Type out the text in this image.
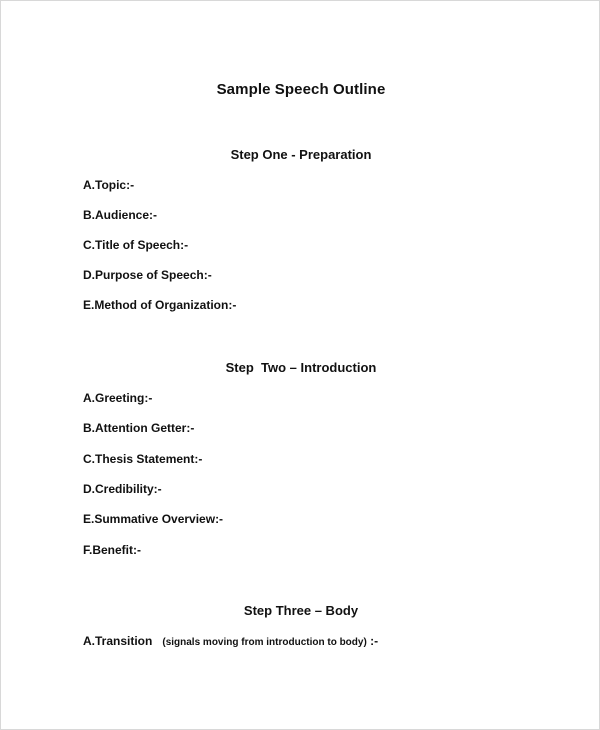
Sample Speech Outline
Step One - Preparation
A.Topic:-
B.Audience:-
C.Title of Speech:-
D.Purpose of Speech:-
E.Method of Organization:-
Step  Two – Introduction
A.Greeting:-
B.Attention Getter:-
C.Thesis Statement:-
D.Credibility:-
E.Summative Overview:-
F.Benefit:-
Step Three – Body
A.Transition (signals moving from introduction to body) :-
